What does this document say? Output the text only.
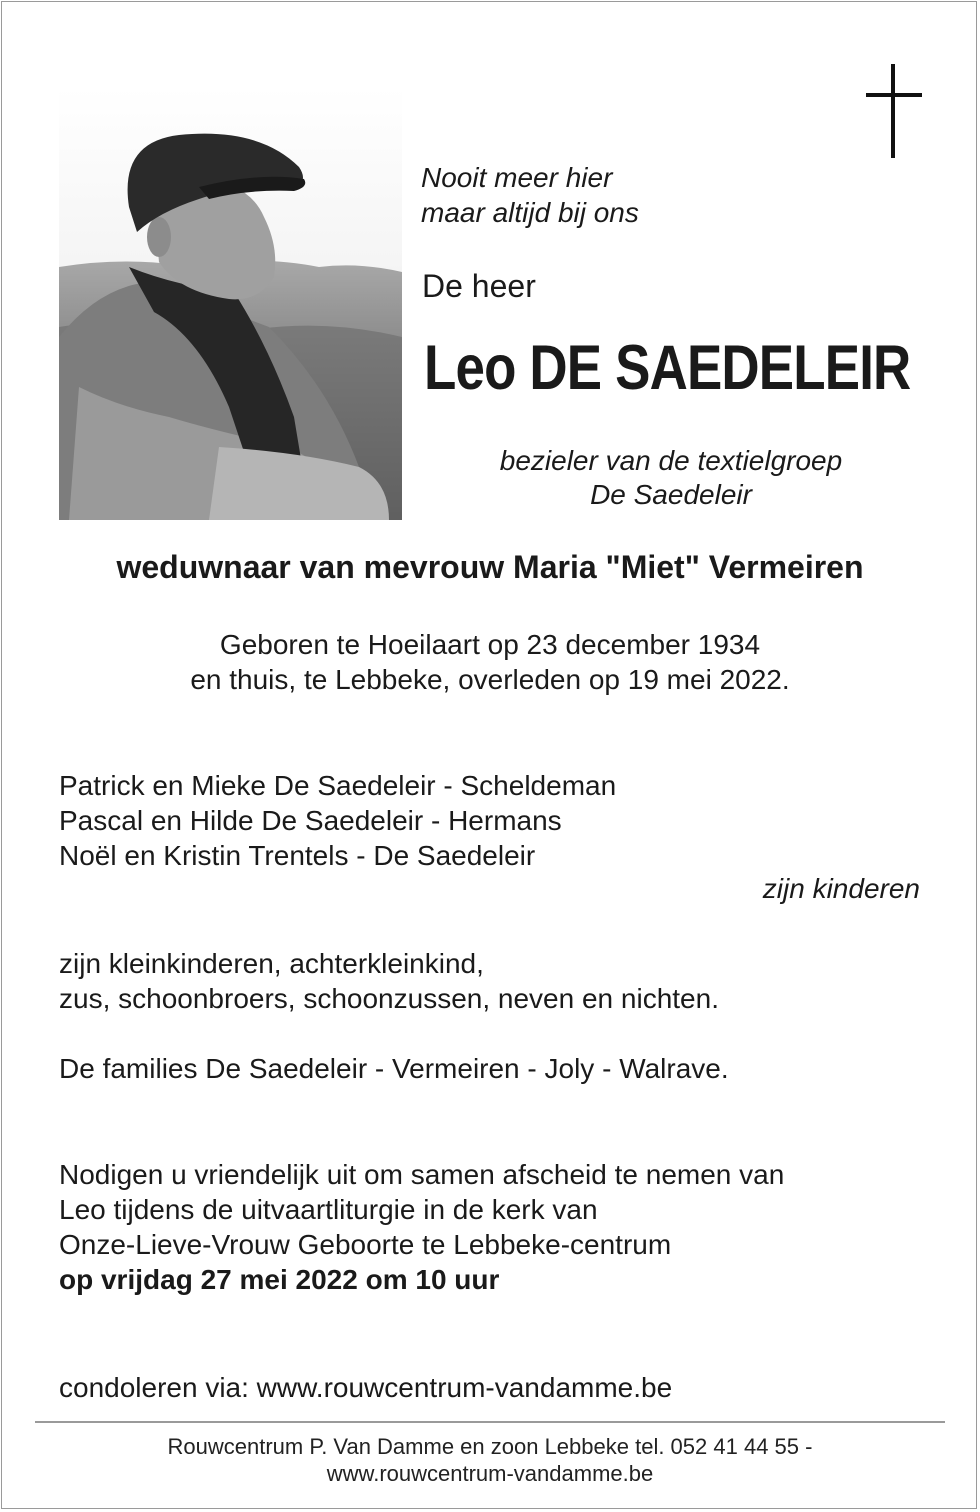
Nooit meer hier
maar altijd bij ons
De heer
Leo DE SAEDELEIR
bezieler van de textielgroep
De Saedeleir
weduwnaar van mevrouw Maria "Miet" Vermeiren
Geboren te Hoeilaart op 23 december 1934
en thuis, te Lebbeke, overleden op 19 mei 2022.
Patrick en Mieke De Saedeleir - Scheldeman
Pascal en Hilde De Saedeleir - Hermans
Noël en Kristin Trentels - De Saedeleir
zijn kinderen
zijn kleinkinderen, achterkleinkind,
zus, schoonbroers, schoonzussen, neven en nichten.
De families De Saedeleir - Vermeiren - Joly - Walrave.
Nodigen u vriendelijk uit om samen afscheid te nemen van
Leo tijdens de uitvaartliturgie in de kerk van
Onze-Lieve-Vrouw Geboorte te Lebbeke-centrum
op vrijdag 27 mei 2022 om 10 uur
condoleren via: www.rouwcentrum-vandamme.be
Rouwcentrum P. Van Damme en zoon Lebbeke tel. 052 41 44 55 -
www.rouwcentrum-vandamme.be
